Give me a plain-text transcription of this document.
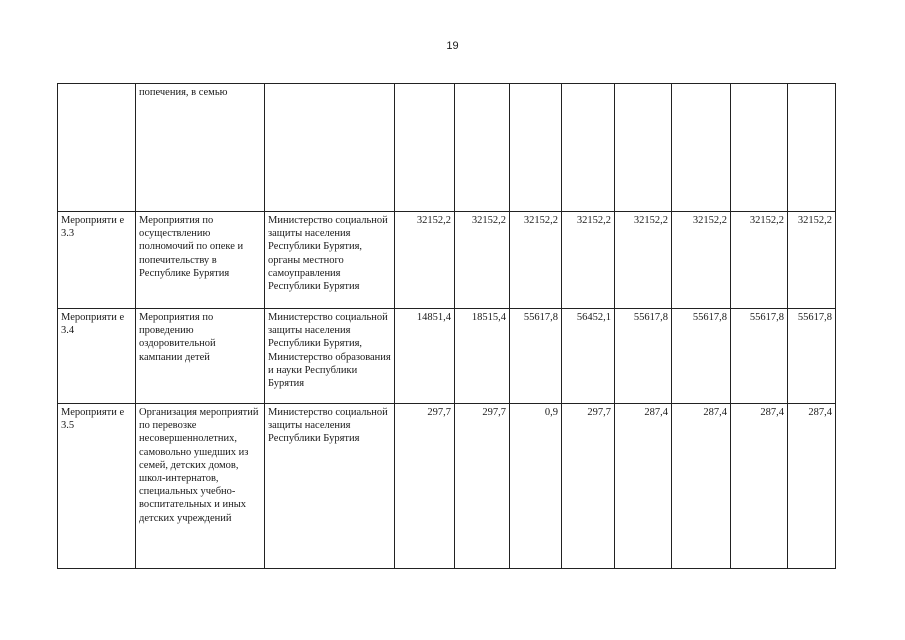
19
	попечения, в семью									
Мероприяти е 3.3	Мероприятия по осуществлению полномочий по опеке и попечительству в Республике Бурятия	Министерство социальной защиты населения Республики Бурятия, органы местного самоуправления Республики Бурятия	32152,2	32152,2	32152,2	32152,2	32152,2	32152,2	32152,2	32152,2
Мероприяти е 3.4	Мероприятия по проведению оздоровительной кампании детей	Министерство социальной защиты населения Республики Бурятия, Министерство образования и науки Республики Бурятия	14851,4	18515,4	55617,8	56452,1	55617,8	55617,8	55617,8	55617,8
Мероприяти е 3.5	Организация мероприятий по перевозке несовершеннолетних, самовольно ушедших из семей, детских домов, школ-интернатов, специальных учебно-воспитательных и иных детских учреждений	Министерство социальной защиты населения Республики Бурятия	297,7	297,7	0,9	297,7	287,4	287,4	287,4	287,4
